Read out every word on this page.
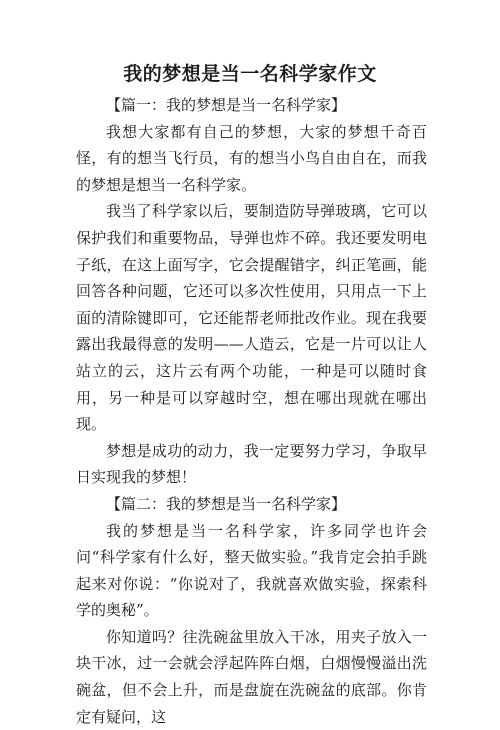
我的梦想是当一名科学家作文

【篇一：我的梦想是当一名科学家】

我想大家都有自己的梦想，大家的梦想千奇百怪，有的想当飞行员，有的想当小鸟自由自在，而我的梦想是想当一名科学家。

我当了科学家以后，要制造防导弹玻璃，它可以保护我们和重要物品，导弹也炸不碎。我还要发明电子纸，在这上面写字，它会提醒错字，纠正笔画，能回答各种问题，它还可以多次性使用，只用点一下上面的清除键即可，它还能帮老师批改作业。现在我要露出我最得意的发明——人造云，它是一片可以让人站立的云，这片云有两个功能，一种是可以随时食用，另一种是可以穿越时空，想在哪出现就在哪出现。

梦想是成功的动力，我一定要努力学习，争取早日实现我的梦想！

【篇二：我的梦想是当一名科学家】

我的梦想是当一名科学家，许多同学也许会问“科学家有什么好，整天做实验。”我肯定会拍手跳起来对你说：“你说对了，我就喜欢做实验，探索科学的奥秘”。

你知道吗？往洗碗盆里放入干冰，用夹子放入一块干冰，过一会就会浮起阵阵白烟，白烟慢慢溢出洗碗盆，但不会上升，而是盘旋在洗碗盆的底部。你肯定有疑问，这
